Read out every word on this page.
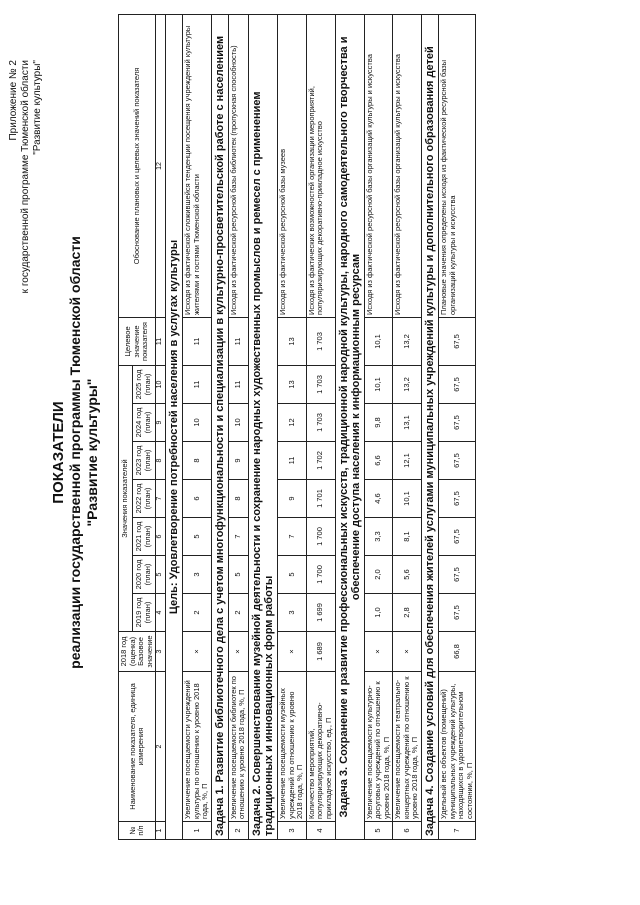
Приложение № 2 к государственной программе Тюменской области "Развитие культуры"
ПОКАЗАТЕЛИ реализации государственной программы Тюменской области "Развитие культуры"
№ п/п	Наименование показателя, единица измерения	2018 год (оценка) Базовое значение	Значения показателей							Целевое значение показателя	Обоснование плановых и целевых значений показателя
			2019 год (план)	2020 год (план)	2021 год (план)	2022 год (план)	2023 год (план)	2024 год (план)	2025 год (план)		
1	2	3	4	5	6	7	8	9	10	11	12
Цель: Удовлетворение потребностей населения в услугах культуры											
1	Увеличение посещаемости учреждений культуры по отношению к уровню 2018 года, %, П	×	2	3	5	6	8	10	11	11	Исходя из фактической сложившейся тенденции посещения учреждений культуры жителями и гостями Тюменской области
Задача 1. Развитие библиотечного дела с учетом многофункциональности и специализации в культурно-просветительской работе с населением											
2	Увеличение посещаемости библиотек по отношению к уровню 2018 года, %, П	×	2	5	7	8	9	10	11	11	Исходя из фактической ресурсной базы библиотек (пропускная способность)
Задача 2. Совершенствование музейной деятельности и сохранение народных художественных промыслов и ремесел с применением традиционных и инновационных форм работы											
3	Увеличение посещаемости музейных учреждений по отношению к уровню 2018 года, %, П	×	3	5	7	9	11	12	13	13	Исходя из фактической ресурсной базы музеев
4	Количество мероприятий, популяризирующих декоративно-прикладное искусство, ед., П	1 689	1 699	1 700	1 700	1 701	1 702	1 703	1 703	1 703	Исходя из фактических возможностей организации мероприятий, популяризирующих декоративно-прикладное искусство
Задача 3. Сохранение и развитие профессиональных искусств, традиционной народной культуры, народного самодеятельного творчества и обеспечение доступа населения к информационным ресурсам											
5	Увеличение посещаемости культурно-досуговых учреждений по отношению к уровню 2018 года, %, П	×	1,0	2,0	3,3	4,6	6,6	9,8	10,1	10,1	Исходя из фактической ресурсной базы организаций культуры и искусства
6	Увеличение посещаемости театрально-концертных учреждений по отношению к уровню 2018 года, %, П	×	2,8	5,6	8,1	10,1	12,1	13,1	13,2	13,2	Исходя из фактической ресурсной базы организаций культуры и искусства
Задача 4. Создание условий для обеспечения жителей услугами муниципальных учреждений культуры и дополнительного образования детей											
7	Удельный вес объектов (помещений) муниципальных учреждений культуры, находящихся в удовлетворительном состоянии, %, П	66,8	67,5	67,5	67,5	67,5	67,5	67,5	67,5	67,5	Плановые значения определены исходя из фактической ресурсной базы организаций культуры и искусства
